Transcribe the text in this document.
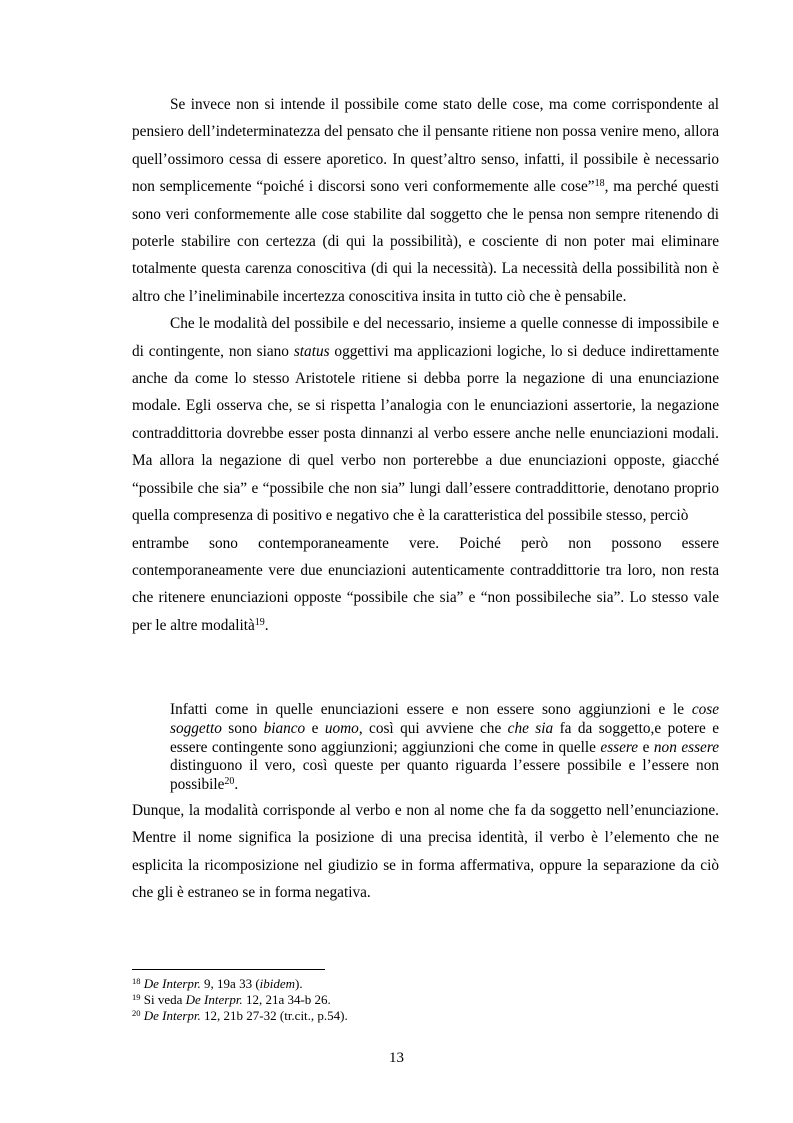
Se invece non si intende il possibile come stato delle cose, ma come corrispondente al pensiero dell’indeterminatezza del pensato che il pensante ritiene non possa venire meno, allora quell’ossimoro cessa di essere aporetico. In quest’altro senso, infatti, il possibile è necessario non semplicemente “poiché i discorsi sono veri conformemente alle cose”$^{18}$, ma perché questi sono veri conformemente alle cose stabilite dal soggetto che le pensa non sempre ritenendo di poterle stabilire con certezza (di qui la possibilità), e cosciente di non poter mai eliminare totalmente questa carenza conoscitiva (di qui la necessità). La necessità della possibilità non è altro che l’ineliminabile incertezza conoscitiva insita in tutto ciò che è pensabile.

Che le modalità del possibile e del necessario, insieme a quelle connesse di impossibile e di contingente, non siano status oggettivi ma applicazioni logiche, lo si deduce indirettamente anche da come lo stesso Aristotele ritiene si debba porre la negazione di una enunciazione modale. Egli osserva che, se si rispetta l’analogia con le enunciazioni assertorie, la negazione contraddittoria dovrebbe esser posta dinnanzi al verbo essere anche nelle enunciazioni modali. Ma allora la negazione di quel verbo non porterebbe a due enunciazioni opposte, giacché “possibile che sia” e “possibile che non sia” lungi dall’essere contraddittorie, denotano proprio quella compresenza di positivo e negativo che è la caratteristica del possibile stesso, perciò

entrambe sono contemporaneamente vere. Poiché però non possono essere contemporaneamente vere due enunciazioni autenticamente contraddittorie tra loro, non resta che ritenere enunciazioni opposte “possibile che sia” e “non possibileche sia”. Lo stesso vale per le altre modalità$^{19}$.

Infatti come in quelle enunciazioni essere e non essere sono aggiunzioni e le cose soggetto sono bianco e uomo, così qui avviene che che sia fa da soggetto,e potere e essere contingente sono aggiunzioni; aggiunzioni che come in quelle essere e non essere distinguono il vero, così queste per quanto riguarda l’essere possibile e l’essere non possibile$^{20}$.

Dunque, la modalità corrisponde al verbo e non al nome che fa da soggetto nell’enunciazione. Mentre il nome significa la posizione di una precisa identità, il verbo è l’elemento che ne esplicita la ricomposizione nel giudizio se in forma affermativa, oppure la separazione da ciò che gli è estraneo se in forma negativa.

$^{18}$ De Interpr. 9, 19a 33 (ibidem).
$^{19}$ Si veda De Interpr. 12, 21a 34-b 26.
$^{20}$ De Interpr. 12, 21b 27-32 (tr.cit., p.54).
13
